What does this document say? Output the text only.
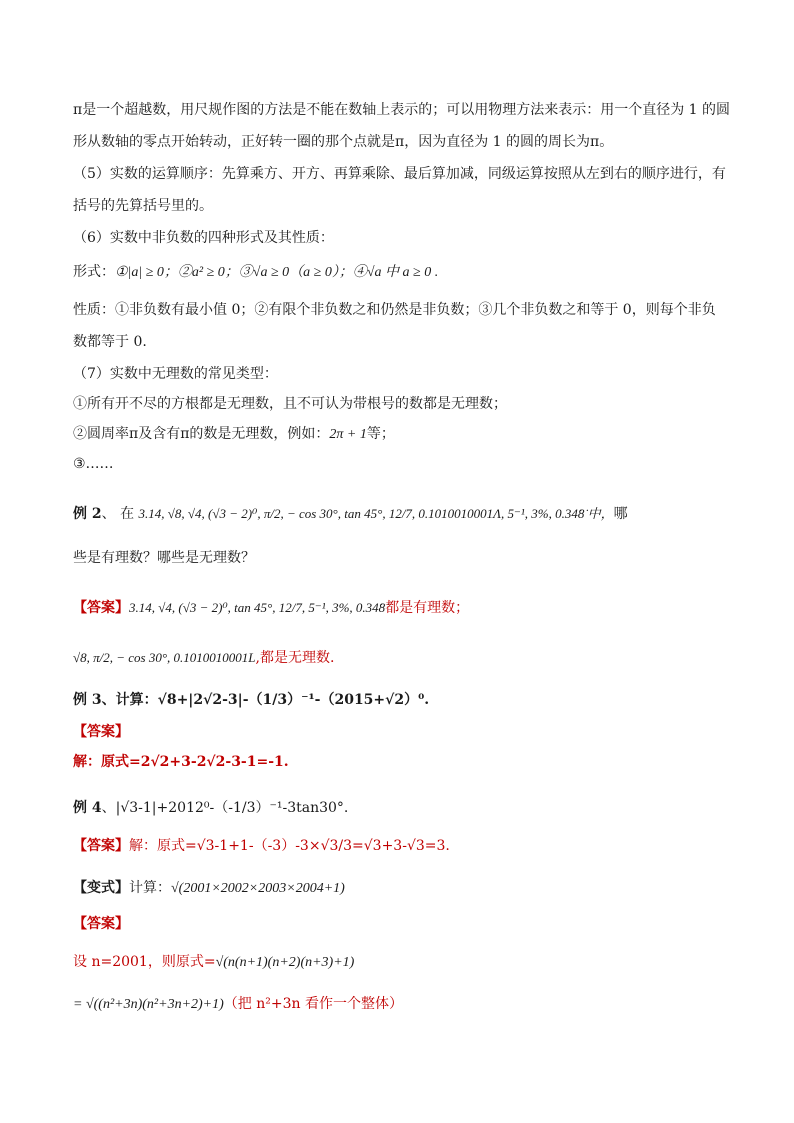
π是一个超越数，用尺规作图的方法是不能在数轴上表示的；可以用物理方法来表示：用一个直径为 1 的圆
形从数轴的零点开始转动，正好转一圈的那个点就是π，因为直径为 1 的圆的周长为π。
（5）实数的运算顺序：先算乘方、开方、再算乘除、最后算加减，同级运算按照从左到右的顺序进行，有
括号的先算括号里的。
（6）实数中非负数的四种形式及其性质：
形式：①|a| ≥ 0；②a² ≥ 0；③√a ≥ 0（a ≥ 0）；④√a 中 a ≥ 0 .
性质：①非负数有最小值 0；②有限个非负数之和仍然是非负数；③几个非负数之和等于 0，则每个非负
数都等于 0.
（7）实数中无理数的常见类型：
①所有开不尽的方根都是无理数，且不可认为带根号的数都是无理数；
②圆周率π及含有π的数是无理数，例如：2π + 1等；
③……
例 2、 在 3.14, √8, √4, (√3 − 2)⁰, π/2, − cos 30°, tan 45°, 12/7, 0.1010010001Λ, 5⁻¹, 3%, 0.34̇8̇ 中，哪
些是有理数？哪些是无理数？
【答案】3.14, √4, (√3 − 2)⁰, tan 45°, 12/7, 5⁻¹, 3%, 0.34̇8̇都是有理数；
√8, π/2, − cos 30°, 0.1010010001L,都是无理数.
例 3、计算：√8+|2√2-3|-（1/3）⁻¹-（2015+√2）⁰.
【答案】
解：原式=2√2+3-2√2-3-1=-1.
例 4、|√3-1|+2012⁰-（-1/3）⁻¹-3tan30°.
【答案】解：原式=√3-1+1-（-3）-3×√3/3=√3+3-√3=3.
【变式】计算：√(2001×2002×2003×2004+1)
【答案】
设 n=2001，则原式=√(n(n+1)(n+2)(n+3)+1)
= √((n²+3n)(n²+3n+2)+1)（把 n²+3n 看作一个整体）
